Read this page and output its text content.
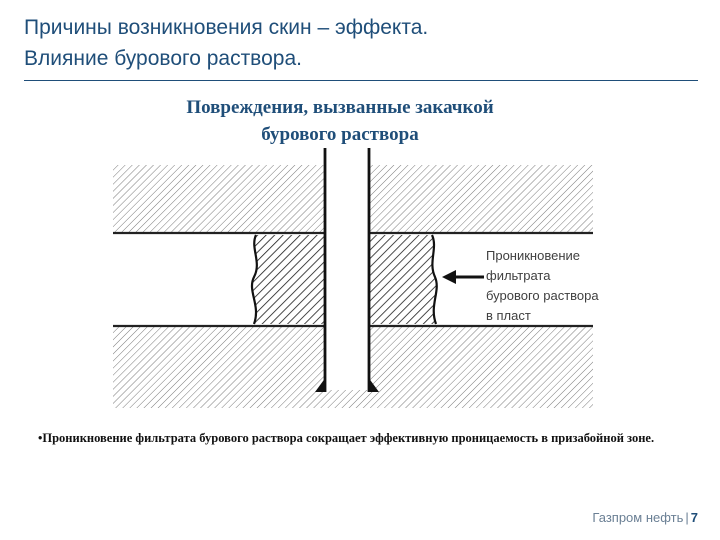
Причины возникновения скин – эффекта.
Влияние бурового раствора.
Повреждения, вызванные закачкой
бурового раствора
Проникновение
фильтрата
бурового раствора
в пласт
•Проникновение фильтрата бурового раствора сокращает эффективную проницаемость в призабойной зоне.
Газпром нефть | 7
